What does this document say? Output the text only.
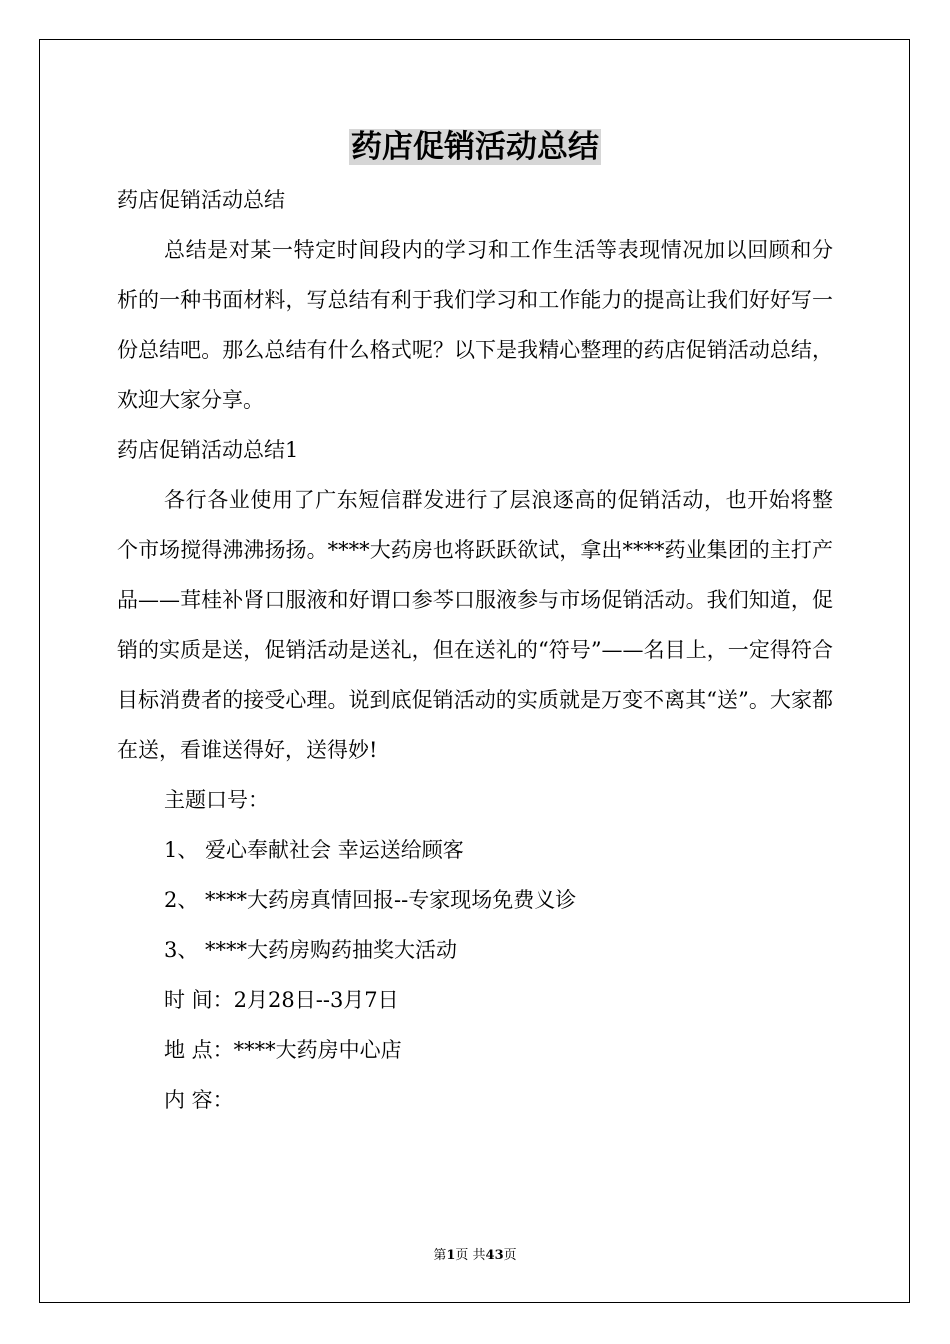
药店促销活动总结

药店促销活动总结

总结是对某一特定时间段内的学习和工作生活等表现情况加以回顾和分析的一种书面材料，写总结有利于我们学习和工作能力的提高让我们好好写一份总结吧。那么总结有什么格式呢？以下是我精心整理的药店促销活动总结，欢迎大家分享。

药店促销活动总结1

各行各业使用了广东短信群发进行了层浪逐高的促销活动，也开始将整个市场搅得沸沸扬扬。****大药房也将跃跃欲试，拿出****药业集团的主打产品——茸桂补肾口服液和好谓口参芩口服液参与市场促销活动。我们知道，促销的实质是送，促销活动是送礼，但在送礼的“符号”——名目上，一定得符合目标消费者的接受心理。说到底促销活动的实质就是万变不离其“送”。大家都在送，看谁送得好，送得妙!

主题口号：

1、 爱心奉献社会 幸运送给顾客

2、 ****大药房真情回报--专家现场免费义诊

3、 ****大药房购药抽奖大活动

时 间：2月28日--3月7日

地 点：****大药房中心店

内 容：

第1页 共43页
